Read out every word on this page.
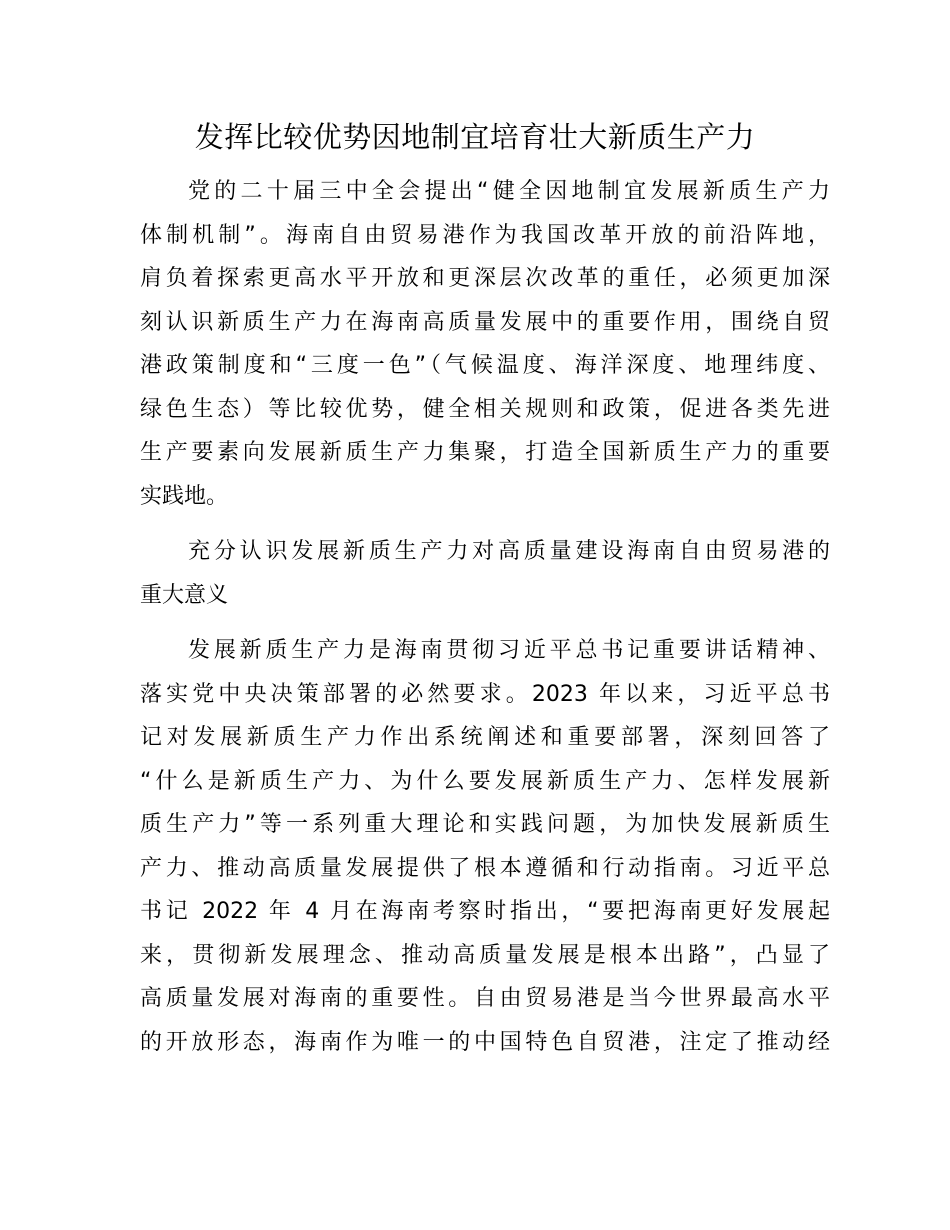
发挥比较优势因地制宜培育壮大新质生产力

党的二十届三中全会提出“健全因地制宜发展新质生产力
体制机制”。海南自由贸易港作为我国改革开放的前沿阵地，
肩负着探索更高水平开放和更深层次改革的重任，必须更加深
刻认识新质生产力在海南高质量发展中的重要作用，围绕自贸
港政策制度和“三度一色”（气候温度、海洋深度、地理纬度、
绿色生态）等比较优势，健全相关规则和政策，促进各类先进
生产要素向发展新质生产力集聚，打造全国新质生产力的重要
实践地。

充分认识发展新质生产力对高质量建设海南自由贸易港的
重大意义

发展新质生产力是海南贯彻习近平总书记重要讲话精神、
落实党中央决策部署的必然要求。2023 年以来，习近平总书
记对发展新质生产力作出系统阐述和重要部署，深刻回答了
“什么是新质生产力、为什么要发展新质生产力、怎样发展新
质生产力”等一系列重大理论和实践问题，为加快发展新质生
产力、推动高质量发展提供了根本遵循和行动指南。习近平总
书记 2022 年 4 月在海南考察时指出，“要把海南更好发展起
来，贯彻新发展理念、推动高质量发展是根本出路”，凸显了
高质量发展对海南的重要性。自由贸易港是当今世界最高水平
的开放形态，海南作为唯一的中国特色自贸港，注定了推动经
